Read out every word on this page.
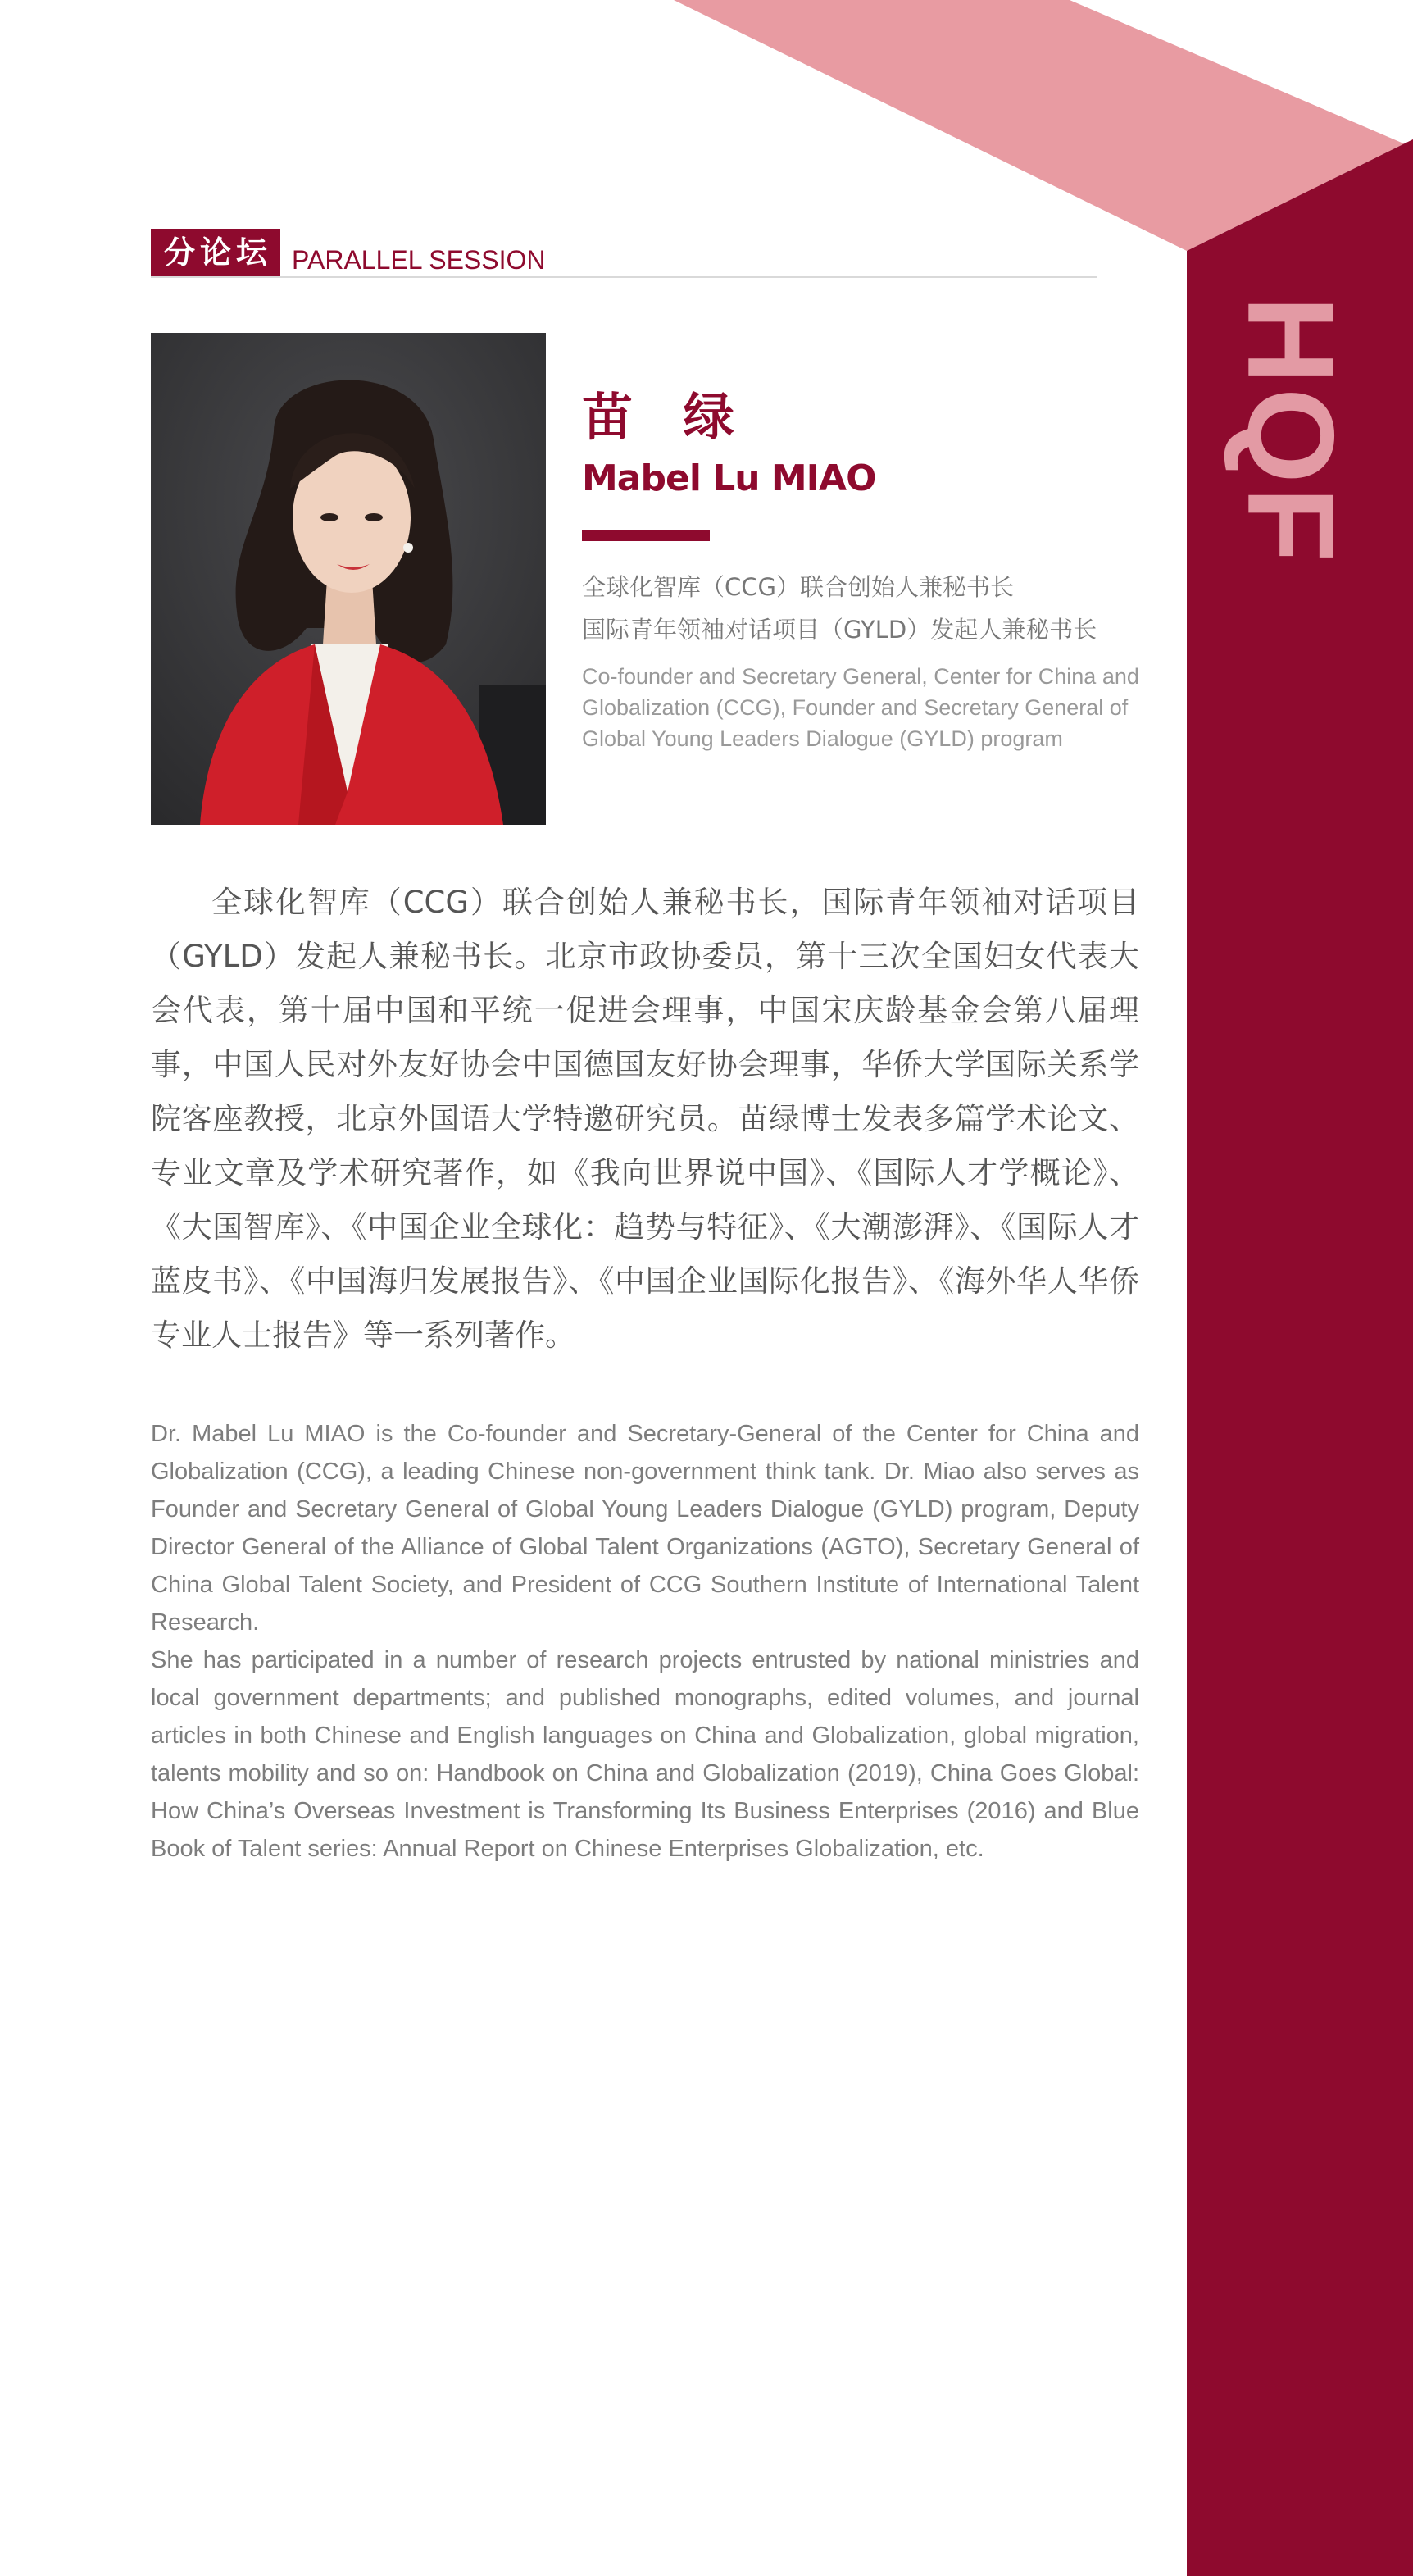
HQF
分论坛 PARALLEL SESSION
苗 绿
Mabel Lu MIAO
全球化智库（CCG）联合创始人兼秘书长
国际青年领袖对话项目（GYLD）发起人兼秘书长
Co-founder and Secretary General, Center for China and Globalization (CCG), Founder and Secretary General of Global Young Leaders Dialogue (GYLD) program

全球化智库（CCG）联合创始人兼秘书长，国际青年领袖对话项目（GYLD）发起人兼秘书长。北京市政协委员，第十三次全国妇女代表大会代表，第十届中国和平统一促进会理事，中国宋庆龄基金会第八届理事，中国人民对外友好协会中国德国友好协会理事，华侨大学国际关系学院客座教授，北京外国语大学特邀研究员。苗绿博士发表多篇学术论文、专业文章及学术研究著作，如《我向世界说中国》、《国际人才学概论》、《大国智库》、《中国企业全球化：趋势与特征》、《大潮澎湃》、《国际人才蓝皮书》、《中国海归发展报告》、《中国企业国际化报告》、《海外华人华侨专业人士报告》等一系列著作。

Dr. Mabel Lu MIAO is the Co-founder and Secretary-General of the Center for China and Globalization (CCG), a leading Chinese non-government think tank. Dr. Miao also serves as Founder and Secretary General of Global Young Leaders Dialogue (GYLD) program, Deputy Director General of the Alliance of Global Talent Organizations (AGTO), Secretary General of China Global Talent Society, and President of CCG Southern Institute of International Talent Research.

She has participated in a number of research projects entrusted by national ministries and local government departments; and published monographs, edited volumes, and journal articles in both Chinese and English languages on China and Globalization, global migration, talents mobility and so on: Handbook on China and Globalization (2019), China Goes Global: How China’s Overseas Investment is Transforming Its Business Enterprises (2016) and Blue Book of Talent series: Annual Report on Chinese Enterprises Globalization, etc.
